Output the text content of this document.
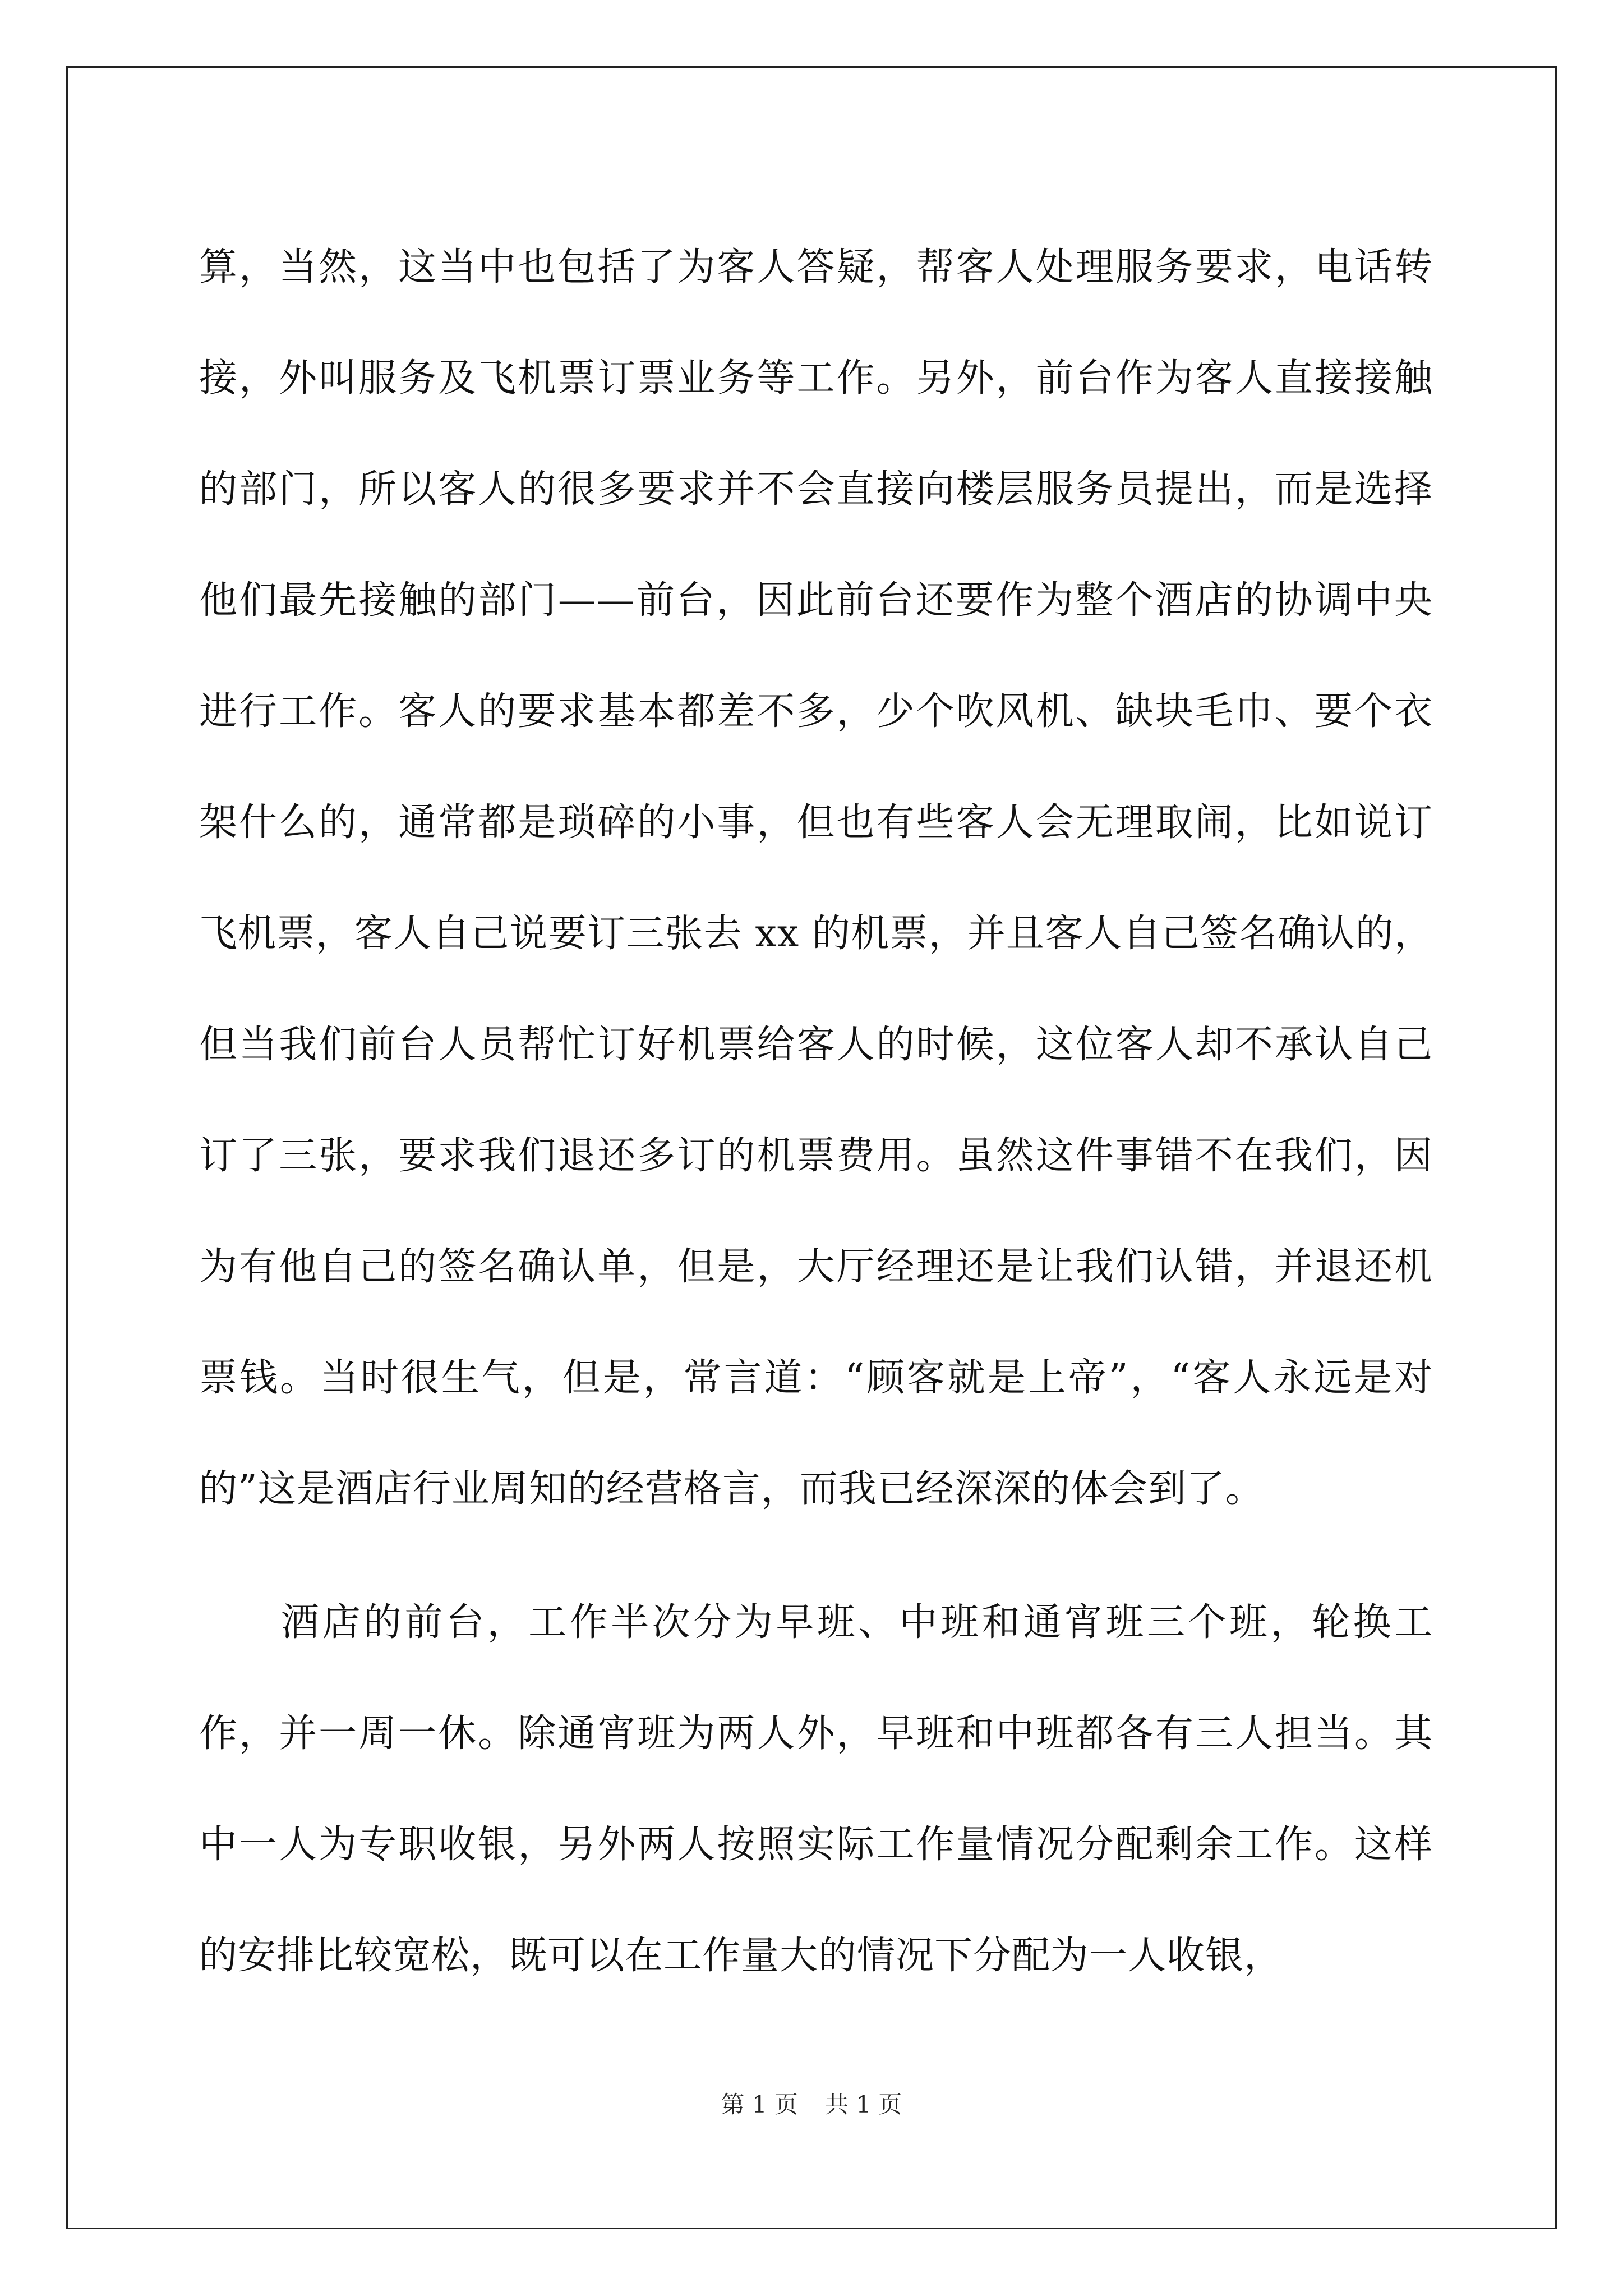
算，当然，这当中也包括了为客人答疑，帮客人处理服务要求，电话转接，外叫服务及飞机票订票业务等工作。另外，前台作为客人直接接触的部门，所以客人的很多要求并不会直接向楼层服务员提出，而是选择他们最先接触的部门——前台，因此前台还要作为整个酒店的协调中央进行工作。客人的要求基本都差不多，少个吹风机、缺块毛巾、要个衣架什么的，通常都是琐碎的小事，但也有些客人会无理取闹，比如说订飞机票，客人自己说要订三张去 xx 的机票，并且客人自己签名确认的，但当我们前台人员帮忙订好机票给客人的时候，这位客人却不承认自己订了三张，要求我们退还多订的机票费用。虽然这件事错不在我们，因为有他自己的签名确认单，但是，大厅经理还是让我们认错，并退还机票钱。当时很生气，但是，常言道：“顾客就是上帝”，“客人永远是对的”这是酒店行业周知的经营格言，而我已经深深的体会到了。

酒店的前台，工作半次分为早班、中班和通宵班三个班，轮换工作，并一周一休。除通宵班为两人外，早班和中班都各有三人担当。其中一人为专职收银，另外两人按照实际工作量情况分配剩余工作。这样的安排比较宽松，既可以在工作量大的情况下分配为一人收银，

第 1 页 共 1 页
